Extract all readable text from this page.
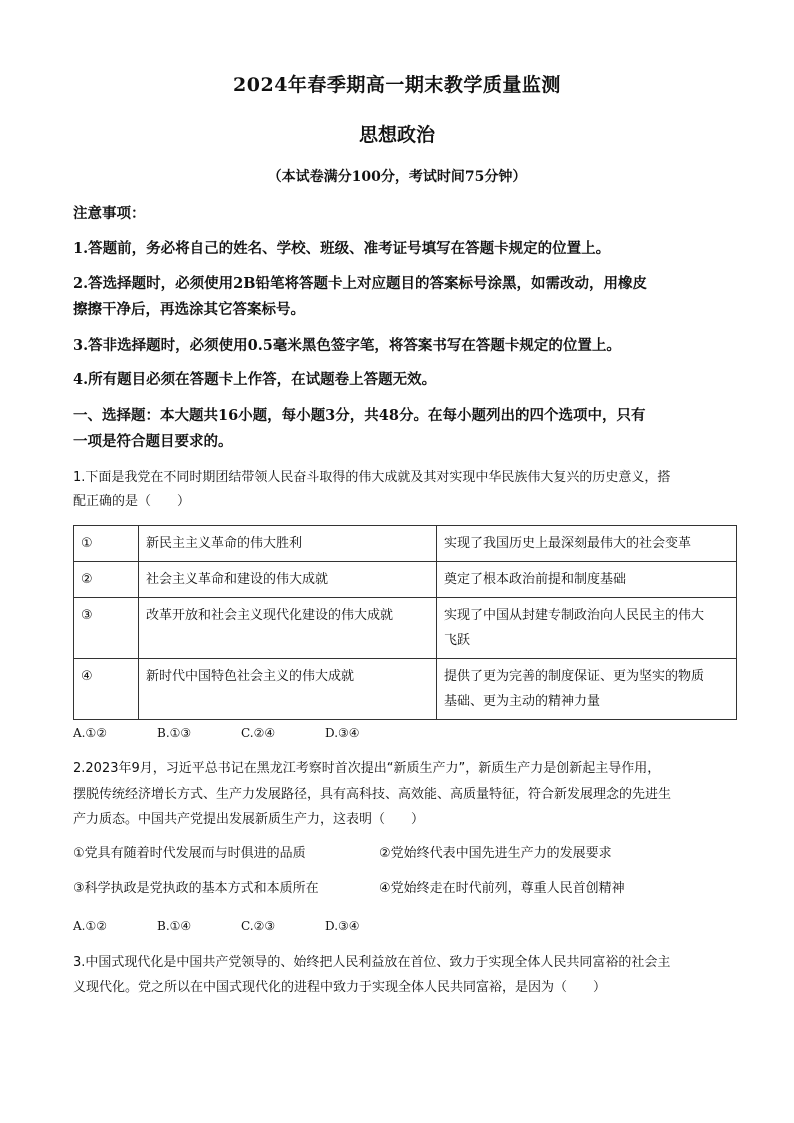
2024年春季期高一期末教学质量监测
思想政治
（本试卷满分100分，考试时间75分钟）
注意事项：
1.答题前，务必将自己的姓名、学校、班级、准考证号填写在答题卡规定的位置上。
2.答选择题时，必须使用2B铅笔将答题卡上对应题目的答案标号涂黑，如需改动，用橡皮
擦擦干净后，再选涂其它答案标号。
3.答非选择题时，必须使用0.5毫米黑色签字笔，将答案书写在答题卡规定的位置上。
4.所有题目必须在答题卡上作答，在试题卷上答题无效。
一、选择题：本大题共16小题，每小题3分，共48分。在每小题列出的四个选项中，只有
一项是符合题目要求的。
1.下面是我党在不同时期团结带领人民奋斗取得的伟大成就及其对实现中华民族伟大复兴的历史意义，搭
配正确的是（　　）
①	新民主主义革命的伟大胜利	实现了我国历史上最深刻最伟大的社会变革
②	社会主义革命和建设的伟大成就	奠定了根本政治前提和制度基础
③	改革开放和社会主义现代化建设的伟大成就	实现了中国从封建专制政治向人民民主的伟大
飞跃

④	新时代中国特色社会主义的伟大成就	提供了更为完善的制度保证、更为坚实的物质
基础、更为主动的精神力量
A.①②	B.①③	C.②④	D.③④
2.2023年9月，习近平总书记在黑龙江考察时首次提出“新质生产力”，新质生产力是创新起主导作用，
摆脱传统经济增长方式、生产力发展路径，具有高科技、高效能、高质量特征，符合新发展理念的先进生
产力质态。中国共产党提出发展新质生产力，这表明（　　）
①党具有随着时代发展而与时俱进的品质	②党始终代表中国先进生产力的发展要求
③科学执政是党执政的基本方式和本质所在	④党始终走在时代前列，尊重人民首创精神
A.①②	B.①④	C.②③	D.③④
3.中国式现代化是中国共产党领导的、始终把人民利益放在首位、致力于实现全体人民共同富裕的社会主
义现代化。党之所以在中国式现代化的进程中致力于实现全体人民共同富裕，是因为（　　）
